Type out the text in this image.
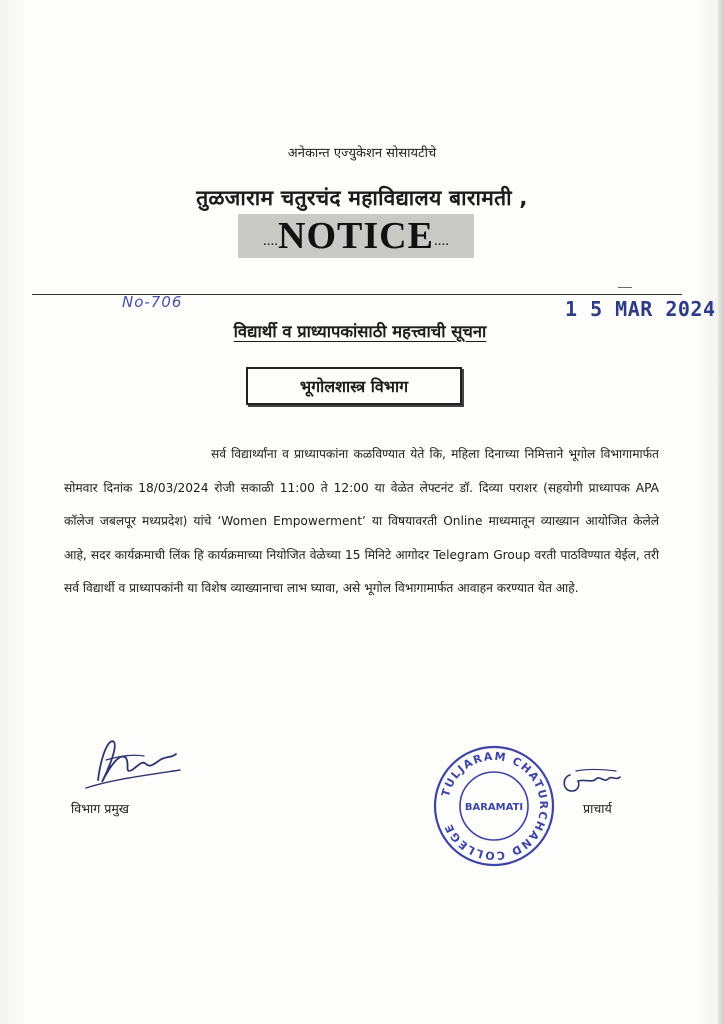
अनेकान्त एज्युकेशन सोसायटीचे
तुळजाराम चतुरचंद महाविद्यालय बारामती ,
.... NOTICE ....
No-706	1 5 MAR 2024
विद्यार्थी व प्राध्यापकांसाठी महत्त्वाची सूचना
भूगोलशास्त्र विभाग
सर्व विद्यार्थ्यांना व प्राध्यापकांना कळविण्यात येते कि, महिला दिनाच्या निमित्ताने भूगोल विभागामार्फत सोमवार दिनांक 18/03/2024 रोजी सकाळी 11:00 ते 12:00 या वेळेत लेफ्टनंट डॉ. दिव्या पराशर (सहयोगी प्राध्यापक APA कॉलेज जबलपूर मध्यप्रदेश) यांचे ‘Women Empowerment’ या विषयावरती Online माध्यमातून व्याख्यान आयोजित केलेले आहे, सदर कार्यक्रमाची लिंक हि कार्यक्रमाच्या नियोजित वेळेच्या 15 मिनिटे आगोदर Telegram Group वरती पाठविण्यात येईल, तरी सर्व विद्यार्थी व प्राध्यापकांनी या विशेष व्याख्यानाचा लाभ घ्यावा, असे भूगोल विभागामार्फत आवाहन करण्यात येत आहे.
विभाग प्रमुख
TULJARAM CHATURCHAND COLLEGE
BARAMATI	प्राचार्य
